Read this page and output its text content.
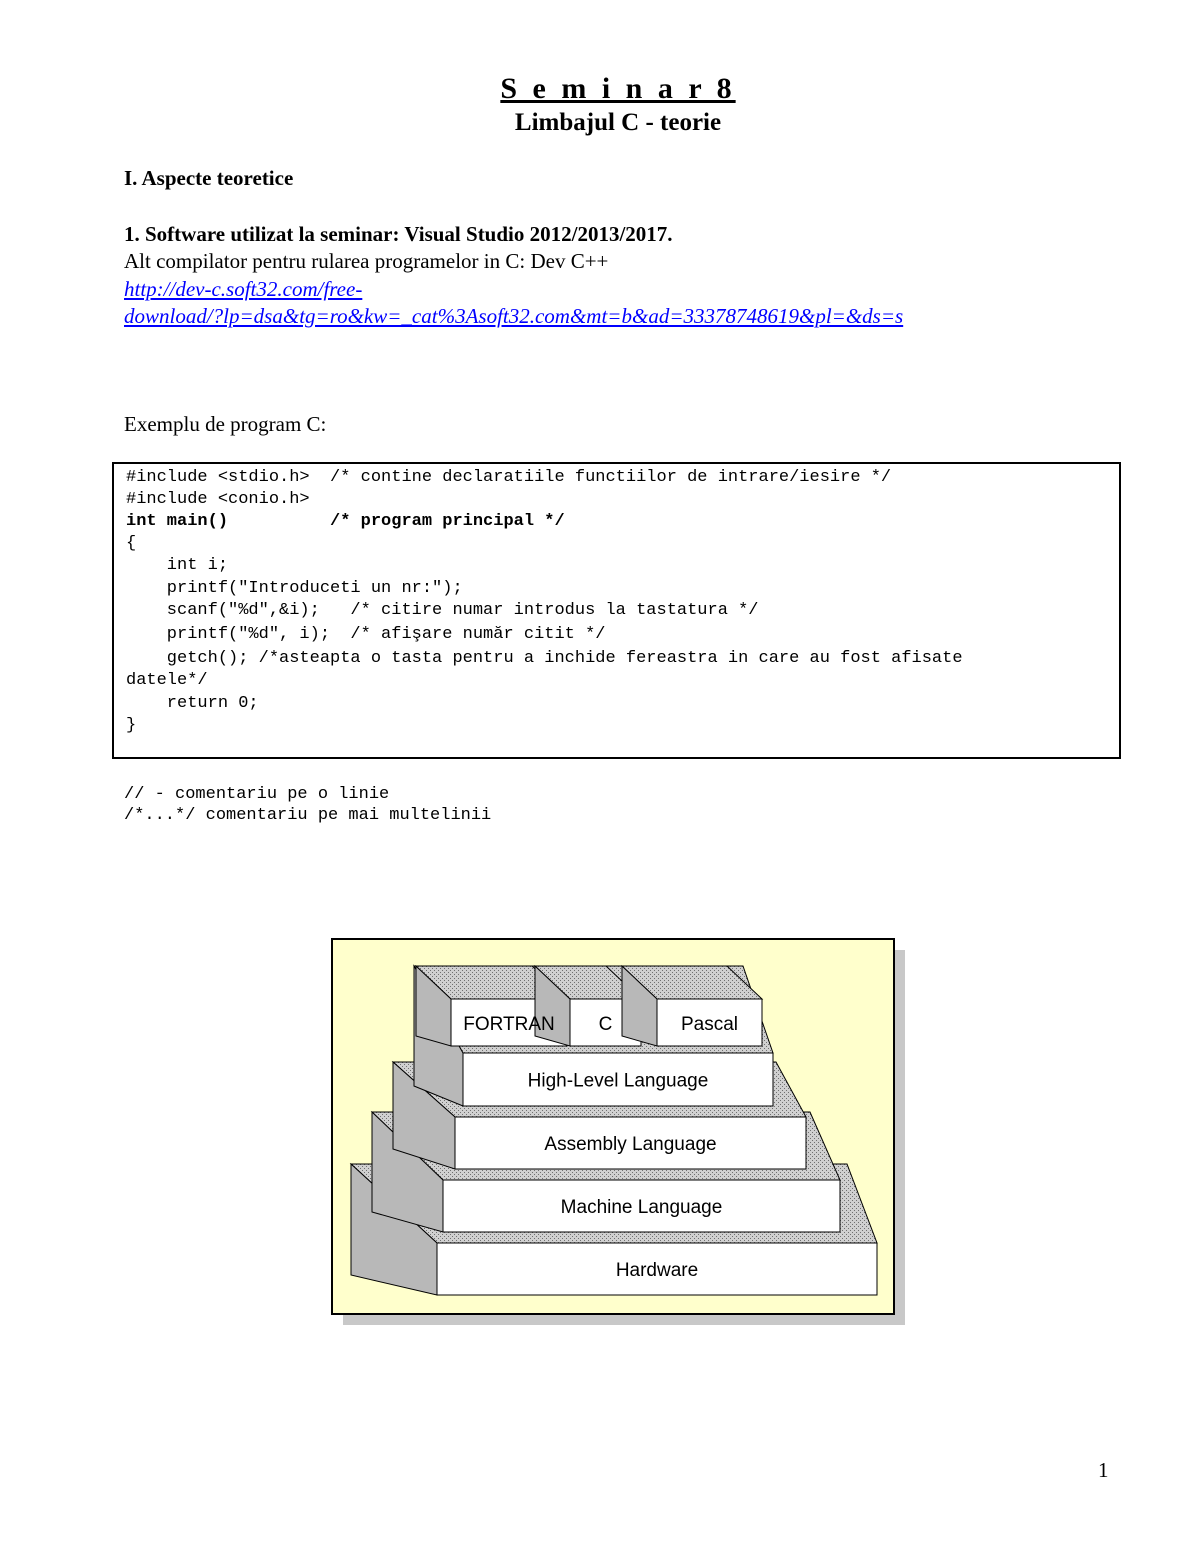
S e m i n a r 8
Limbajul C - teorie
I. Aspecte teoretice
1. Software utilizat la seminar: Visual Studio 2012/2013/2017.
Alt compilator pentru rularea programelor in C: Dev C++
http://dev-c.soft32.com/free-
download/?lp=dsa&tg=ro&kw=_cat%3Asoft32.com&mt=b&ad=33378748619&pl=&ds=s
Exemplu de program C:
#include <stdio.h>  /* contine declaratiile functiilor de intrare/iesire */
#include <conio.h>
int main()          /* program principal */
{
int i;
printf("Introduceti un nr:");
scanf("%d",&i);   /* citire numar introdus la tastatura */
printf("%d", i);  /* afişare număr citit */
getch(); /*asteapta o tasta pentru a inchide fereastra in care au fost afisate
datele*/
return 0;
}
// - comentariu pe o linie
/*...*/ comentariu pe mai multelinii
High-Level Language
Assembly Language
Machine Language
Hardware
FORTRAN C	Pascal
1
